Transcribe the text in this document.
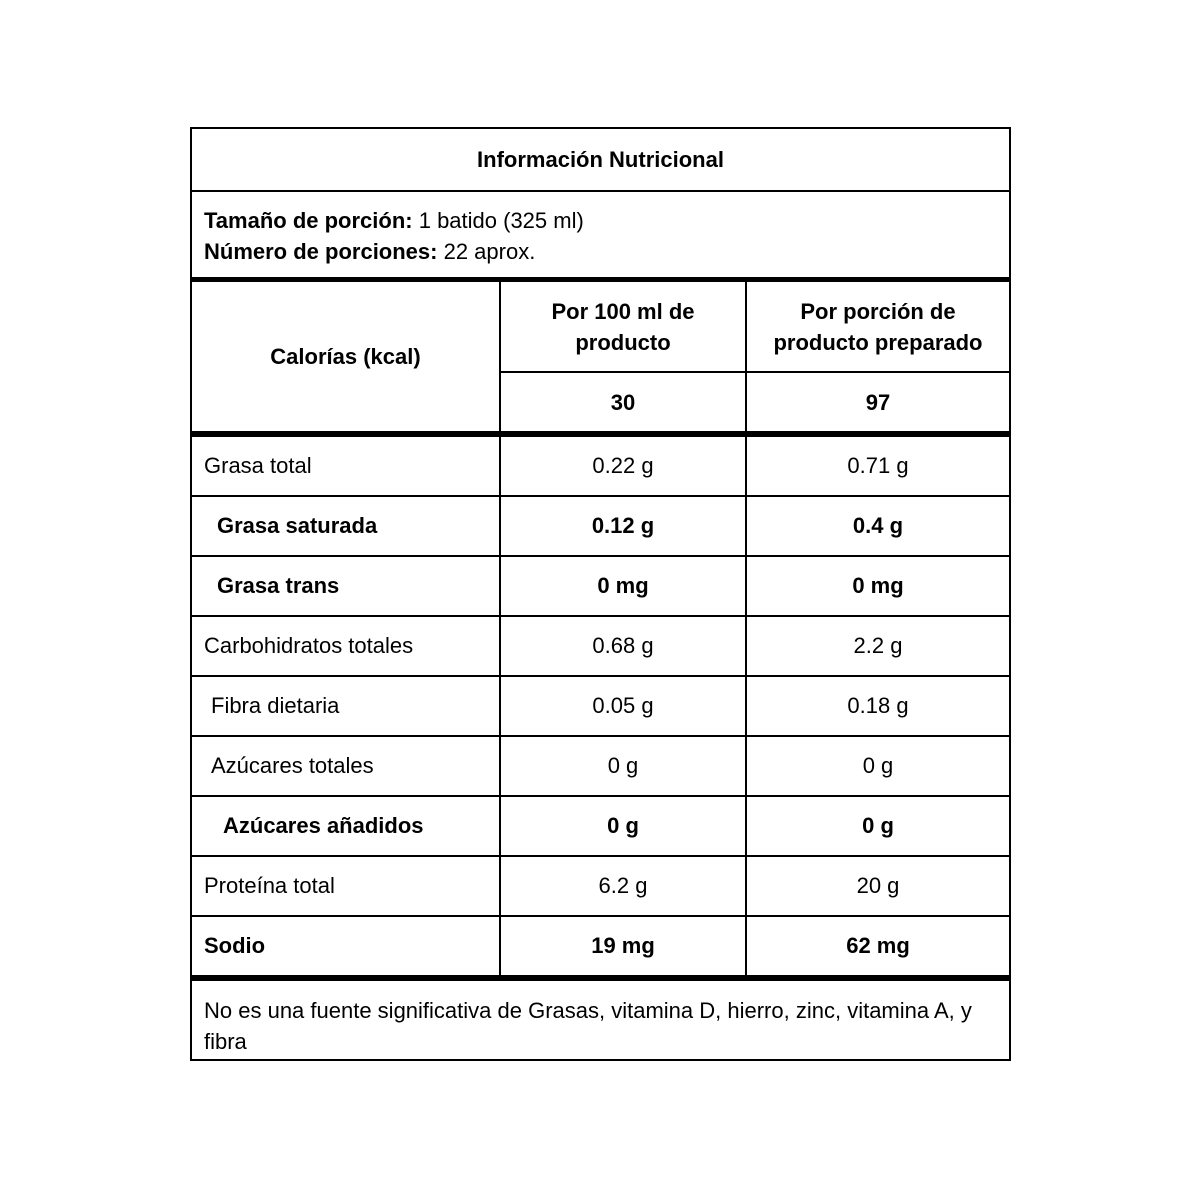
Información Nutricional
Tamaño de porción: 1 batido (325 ml)
Número de porciones: 22 aprox.
Calorías (kcal)	Por 100 ml de producto	Por porción de producto preparado

	30	97
Grasa total	0.22 g	0.71 g
Grasa saturada	0.12 g	0.4 g
Grasa trans	0 mg	0 mg
Carbohidratos totales	0.68 g	2.2 g
Fibra dietaria	0.05 g	0.18 g
Azúcares totales	0 g	0 g
Azúcares añadidos	0 g	0 g
Proteína total	6.2 g	20 g
Sodio	19 mg	62 mg
No es una fuente significativa de Grasas, vitamina D, hierro, zinc, vitamina A, y fibra
